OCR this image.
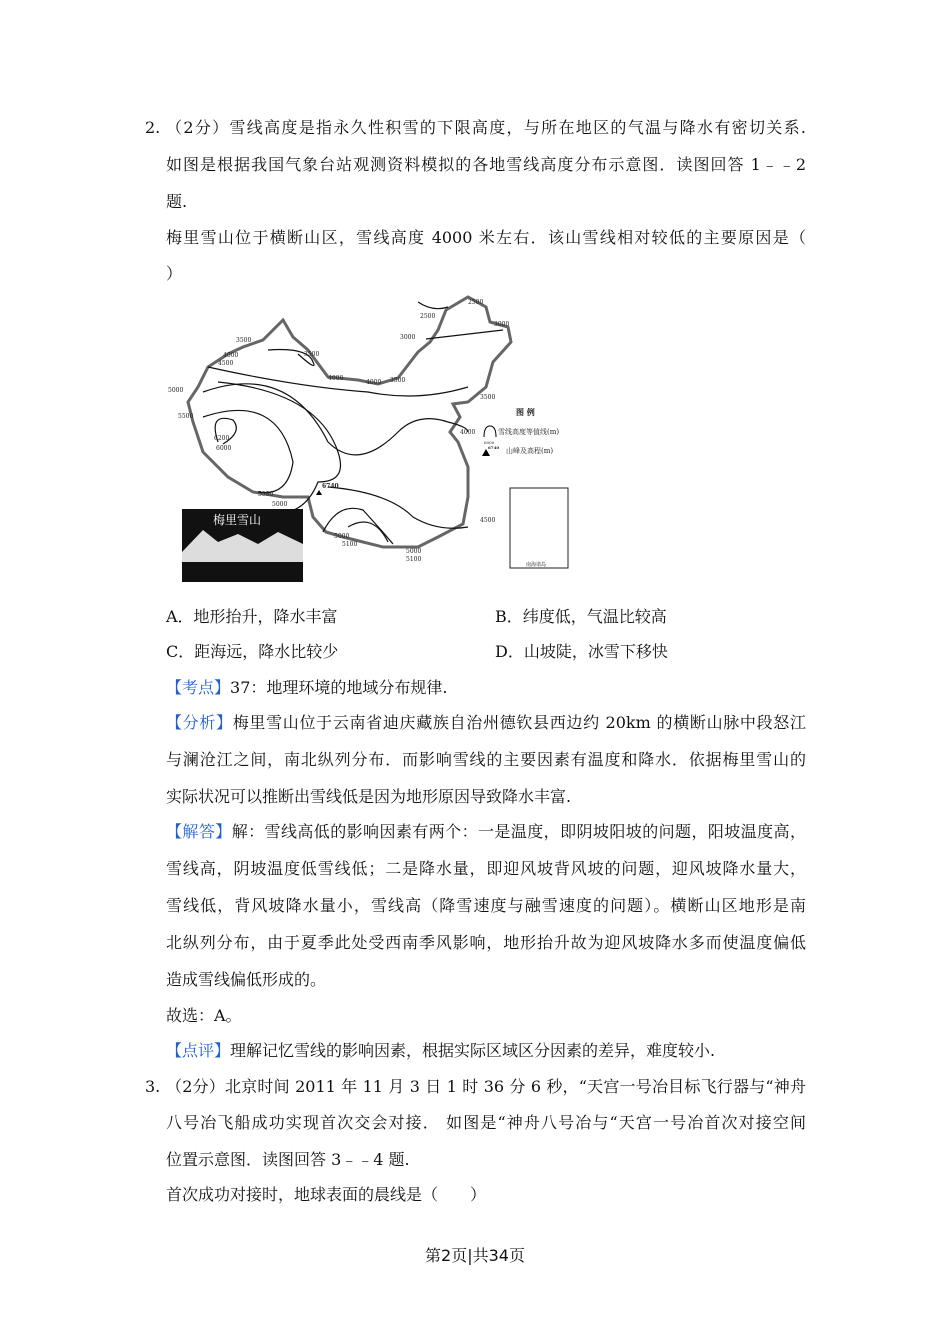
2. （2分）雪线高度是指永久性积雪的下限高度，与所在地区的气温与降水有密切关系.
如图是根据我国气象台站观测资料模拟的各地雪线高度分布示意图．读图回答 1﹣﹣2
题.
梅里雪山位于横断山区，雪线高度 4000 米左右．该山雪线相对较低的主要原因是（
）
2500
2500
3000
3000
3500
3500
4000
4500
4000
4000 3500
3500
5000
5500
6200
6000
4000
5500
5000
4500
5000
5100
5000
5100
6740
图 例
6000
雪线高度等值线(m)
6740 山峰及高程(m)
南海诸岛
梅里雪山
A．地形抬升，降水丰富	B．纬度低，气温比较高
C．距海远，降水比较少	D．山坡陡，冰雪下移快
【考点】37：地理环境的地域分布规律.
【分析】梅里雪山位于云南省迪庆藏族自治州德钦县西边约 20km 的横断山脉中段怒江
与澜沧江之间，南北纵列分布．而影响雪线的主要因素有温度和降水．依据梅里雪山的
实际状况可以推断出雪线低是因为地形原因导致降水丰富.
【解答】解：雪线高低的影响因素有两个：一是温度，即阴坡阳坡的问题，阳坡温度高，
雪线高，阴坡温度低雪线低；二是降水量，即迎风坡背风坡的问题，迎风坡降水量大，
雪线低，背风坡降水量小，雪线高（降雪速度与融雪速度的问题）。横断山区地形是南
北纵列分布，由于夏季此处受西南季风影响，地形抬升故为迎风坡降水多而使温度偏低
造成雪线偏低形成的。
故选：A。
【点评】理解记忆雪线的影响因素，根据实际区域区分因素的差异，难度较小.
3. （2分）北京时间 2011 年 11 月 3 日 1 时 36 分 6 秒，“天宫一号冶目标飞行器与“神舟
八号冶飞船成功实现首次交会对接． 如图是“神舟八号冶与“天宫一号冶首次对接空间
位置示意图．读图回答 3﹣﹣4 题.
首次成功对接时，地球表面的晨线是（　　）
第2页|共34页
